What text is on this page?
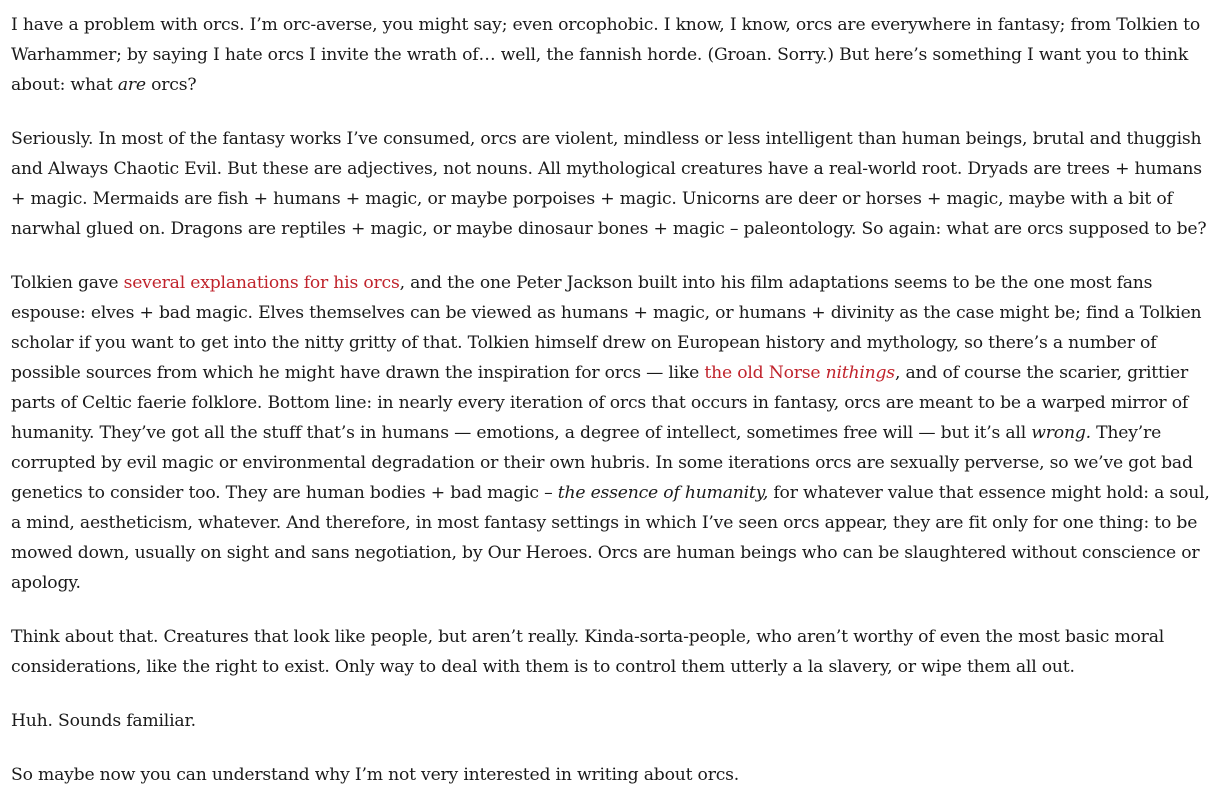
I have a problem with orcs. I’m orc-averse, you might say; even orcophobic. I know, I know, orcs are everywhere in fantasy; from Tolkien to Warhammer; by saying I hate orcs I invite the wrath of… well, the fannish horde. (Groan. Sorry.) But here’s something I want you to think about: what are orcs?

Seriously. In most of the fantasy works I’ve consumed, orcs are violent, mindless or less intelligent than human beings, brutal and thuggish and Always Chaotic Evil. But these are adjectives, not nouns. All mythological creatures have a real-world root. Dryads are trees + humans + magic. Mermaids are fish + humans + magic, or maybe porpoises + magic. Unicorns are deer or horses + magic, maybe with a bit of narwhal glued on. Dragons are reptiles + magic, or maybe dinosaur bones + magic – paleontology. So again: what are orcs supposed to be?

Tolkien gave several explanations for his orcs, and the one Peter Jackson built into his film adaptations seems to be the one most fans espouse: elves + bad magic. Elves themselves can be viewed as humans + magic, or humans + divinity as the case might be; find a Tolkien scholar if you want to get into the nitty gritty of that. Tolkien himself drew on European history and mythology, so there’s a number of possible sources from which he might have drawn the inspiration for orcs — like the old Norse nithings, and of course the scarier, grittier parts of Celtic faerie folklore. Bottom line: in nearly every iteration of orcs that occurs in fantasy, orcs are meant to be a warped mirror of humanity. They’ve got all the stuff that’s in humans — emotions, a degree of intellect, sometimes free will — but it’s all wrong. They’re corrupted by evil magic or environmental degradation or their own hubris. In some iterations orcs are sexually perverse, so we’ve got bad genetics to consider too. They are human bodies + bad magic – the essence of humanity, for whatever value that essence might hold: a soul, a mind, aestheticism, whatever. And therefore, in most fantasy settings in which I’ve seen orcs appear, they are fit only for one thing: to be mowed down, usually on sight and sans negotiation, by Our Heroes. Orcs are human beings who can be slaughtered without conscience or apology.

Think about that. Creatures that look like people, but aren’t really. Kinda-sorta-people, who aren’t worthy of even the most basic moral considerations, like the right to exist. Only way to deal with them is to control them utterly a la slavery, or wipe them all out.

Huh. Sounds familiar.

So maybe now you can understand why I’m not very interested in writing about orcs.
